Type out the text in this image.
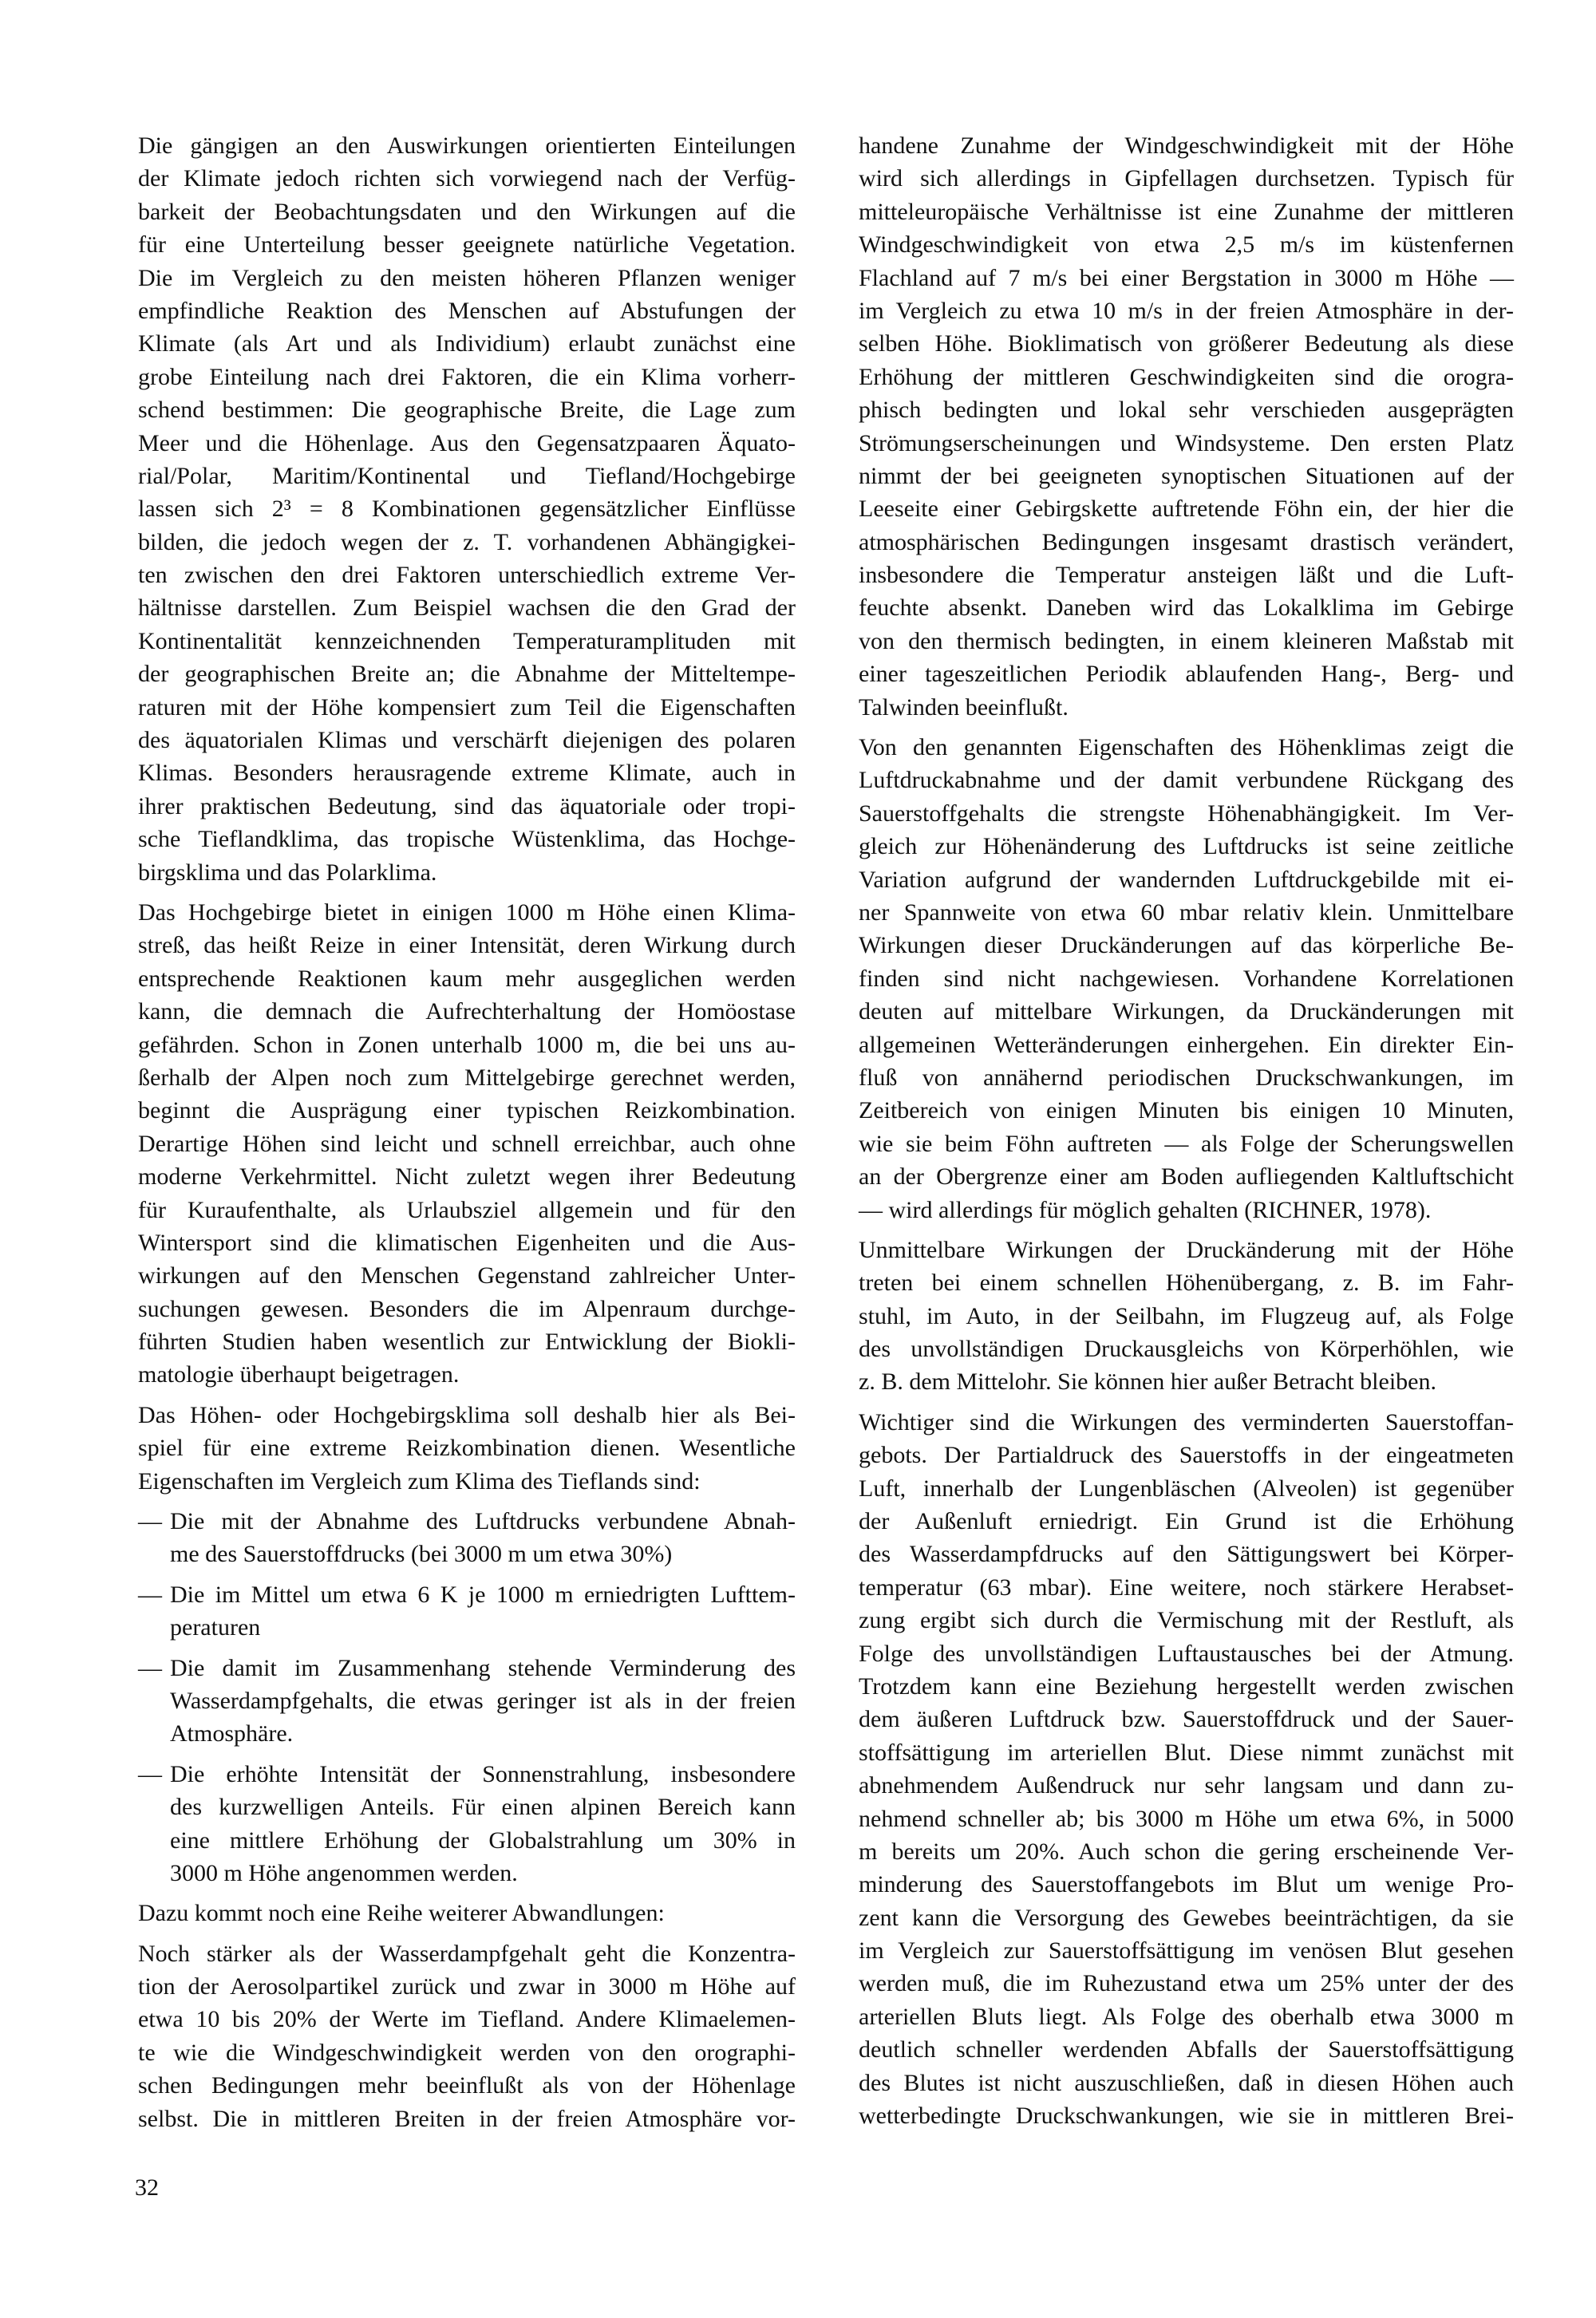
Die gängigen an den Auswirkungen orientierten Einteilungen
der Klimate jedoch richten sich vorwiegend nach der Verfüg-
barkeit der Beobachtungsdaten und den Wirkungen auf die
für eine Unterteilung besser geeignete natürliche Vegetation.
Die im Vergleich zu den meisten höheren Pflanzen weniger
empfindliche Reaktion des Menschen auf Abstufungen der
Klimate (als Art und als Individium) erlaubt zunächst eine
grobe Einteilung nach drei Faktoren, die ein Klima vorherr-
schend bestimmen: Die geographische Breite, die Lage zum
Meer und die Höhenlage. Aus den Gegensatzpaaren Äquato-
rial/Polar, Maritim/Kontinental und Tiefland/Hochgebirge
lassen sich 2³ = 8 Kombinationen gegensätzlicher Einflüsse
bilden, die jedoch wegen der z. T. vorhandenen Abhängigkei-
ten zwischen den drei Faktoren unterschiedlich extreme Ver-
hältnisse darstellen. Zum Beispiel wachsen die den Grad der
Kontinentalität kennzeichnenden Temperaturamplituden mit
der geographischen Breite an; die Abnahme der Mitteltempe-
raturen mit der Höhe kompensiert zum Teil die Eigenschaften
des äquatorialen Klimas und verschärft diejenigen des polaren
Klimas. Besonders herausragende extreme Klimate, auch in
ihrer praktischen Bedeutung, sind das äquatoriale oder tropi-
sche Tieflandklima, das tropische Wüstenklima, das Hochge-
birgsklima und das Polarklima.
Das Hochgebirge bietet in einigen 1000 m Höhe einen Klima-
streß, das heißt Reize in einer Intensität, deren Wirkung durch
entsprechende Reaktionen kaum mehr ausgeglichen werden
kann, die demnach die Aufrechterhaltung der Homöostase
gefährden. Schon in Zonen unterhalb 1000 m, die bei uns au-
ßerhalb der Alpen noch zum Mittelgebirge gerechnet werden,
beginnt die Ausprägung einer typischen Reizkombination.
Derartige Höhen sind leicht und schnell erreichbar, auch ohne
moderne Verkehrmittel. Nicht zuletzt wegen ihrer Bedeutung
für Kuraufenthalte, als Urlaubsziel allgemein und für den
Wintersport sind die klimatischen Eigenheiten und die Aus-
wirkungen auf den Menschen Gegenstand zahlreicher Unter-
suchungen gewesen. Besonders die im Alpenraum durchge-
führten Studien haben wesentlich zur Entwicklung der Biokli-
matologie überhaupt beigetragen.
Das Höhen- oder Hochgebirgsklima soll deshalb hier als Bei-
spiel für eine extreme Reizkombination dienen. Wesentliche
Eigenschaften im Vergleich zum Klima des Tieflands sind:
— Die mit der Abnahme des Luftdrucks verbundene Abnah-
me des Sauerstoffdrucks (bei 3000 m um etwa 30%)
— Die im Mittel um etwa 6 K je 1000 m erniedrigten Lufttem-
peraturen
— Die damit im Zusammenhang stehende Verminderung des
Wasserdampfgehalts, die etwas geringer ist als in der freien
Atmosphäre.
— Die erhöhte Intensität der Sonnenstrahlung, insbesondere
des kurzwelligen Anteils. Für einen alpinen Bereich kann
eine mittlere Erhöhung der Globalstrahlung um 30% in
3000 m Höhe angenommen werden.
Dazu kommt noch eine Reihe weiterer Abwandlungen:
Noch stärker als der Wasserdampfgehalt geht die Konzentra-
tion der Aerosolpartikel zurück und zwar in 3000 m Höhe auf
etwa 10 bis 20% der Werte im Tiefland. Andere Klimaelemen-
te wie die Windgeschwindigkeit werden von den orographi-
schen Bedingungen mehr beeinflußt als von der Höhenlage
selbst. Die in mittleren Breiten in der freien Atmosphäre vor-
handene Zunahme der Windgeschwindigkeit mit der Höhe
wird sich allerdings in Gipfellagen durchsetzen. Typisch für
mitteleuropäische Verhältnisse ist eine Zunahme der mittleren
Windgeschwindigkeit von etwa 2,5 m/s im küstenfernen
Flachland auf 7 m/s bei einer Bergstation in 3000 m Höhe —
im Vergleich zu etwa 10 m/s in der freien Atmosphäre in der-
selben Höhe. Bioklimatisch von größerer Bedeutung als diese
Erhöhung der mittleren Geschwindigkeiten sind die orogra-
phisch bedingten und lokal sehr verschieden ausgeprägten
Strömungserscheinungen und Windsysteme. Den ersten Platz
nimmt der bei geeigneten synoptischen Situationen auf der
Leeseite einer Gebirgskette auftretende Föhn ein, der hier die
atmosphärischen Bedingungen insgesamt drastisch verändert,
insbesondere die Temperatur ansteigen läßt und die Luft-
feuchte absenkt. Daneben wird das Lokalklima im Gebirge
von den thermisch bedingten, in einem kleineren Maßstab mit
einer tageszeitlichen Periodik ablaufenden Hang-, Berg- und
Talwinden beeinflußt.
Von den genannten Eigenschaften des Höhenklimas zeigt die
Luftdruckabnahme und der damit verbundene Rückgang des
Sauerstoffgehalts die strengste Höhenabhängigkeit. Im Ver-
gleich zur Höhenänderung des Luftdrucks ist seine zeitliche
Variation aufgrund der wandernden Luftdruckgebilde mit ei-
ner Spannweite von etwa 60 mbar relativ klein. Unmittelbare
Wirkungen dieser Druckänderungen auf das körperliche Be-
finden sind nicht nachgewiesen. Vorhandene Korrelationen
deuten auf mittelbare Wirkungen, da Druckänderungen mit
allgemeinen Wetteränderungen einhergehen. Ein direkter Ein-
fluß von annähernd periodischen Druckschwankungen, im
Zeitbereich von einigen Minuten bis einigen 10 Minuten,
wie sie beim Föhn auftreten — als Folge der Scherungswellen
an der Obergrenze einer am Boden aufliegenden Kaltluftschicht
— wird allerdings für möglich gehalten (RICHNER, 1978).
Unmittelbare Wirkungen der Druckänderung mit der Höhe
treten bei einem schnellen Höhenübergang, z. B. im Fahr-
stuhl, im Auto, in der Seilbahn, im Flugzeug auf, als Folge
des unvollständigen Druckausgleichs von Körperhöhlen, wie
z. B. dem Mittelohr. Sie können hier außer Betracht bleiben.
Wichtiger sind die Wirkungen des verminderten Sauerstoffan-
gebots. Der Partialdruck des Sauerstoffs in der eingeatmeten
Luft, innerhalb der Lungenbläschen (Alveolen) ist gegenüber
der Außenluft erniedrigt. Ein Grund ist die Erhöhung
des Wasserdampfdrucks auf den Sättigungswert bei Körper-
temperatur (63 mbar). Eine weitere, noch stärkere Herabset-
zung ergibt sich durch die Vermischung mit der Restluft, als
Folge des unvollständigen Luftaustausches bei der Atmung.
Trotzdem kann eine Beziehung hergestellt werden zwischen
dem äußeren Luftdruck bzw. Sauerstoffdruck und der Sauer-
stoffsättigung im arteriellen Blut. Diese nimmt zunächst mit
abnehmendem Außendruck nur sehr langsam und dann zu-
nehmend schneller ab; bis 3000 m Höhe um etwa 6%, in 5000
m bereits um 20%. Auch schon die gering erscheinende Ver-
minderung des Sauerstoffangebots im Blut um wenige Pro-
zent kann die Versorgung des Gewebes beeinträchtigen, da sie
im Vergleich zur Sauerstoffsättigung im venösen Blut gesehen
werden muß, die im Ruhezustand etwa um 25% unter der des
arteriellen Bluts liegt. Als Folge des oberhalb etwa 3000 m
deutlich schneller werdenden Abfalls der Sauerstoffsättigung
des Blutes ist nicht auszuschließen, daß in diesen Höhen auch
wetterbedingte Druckschwankungen, wie sie in mittleren Brei-
32
